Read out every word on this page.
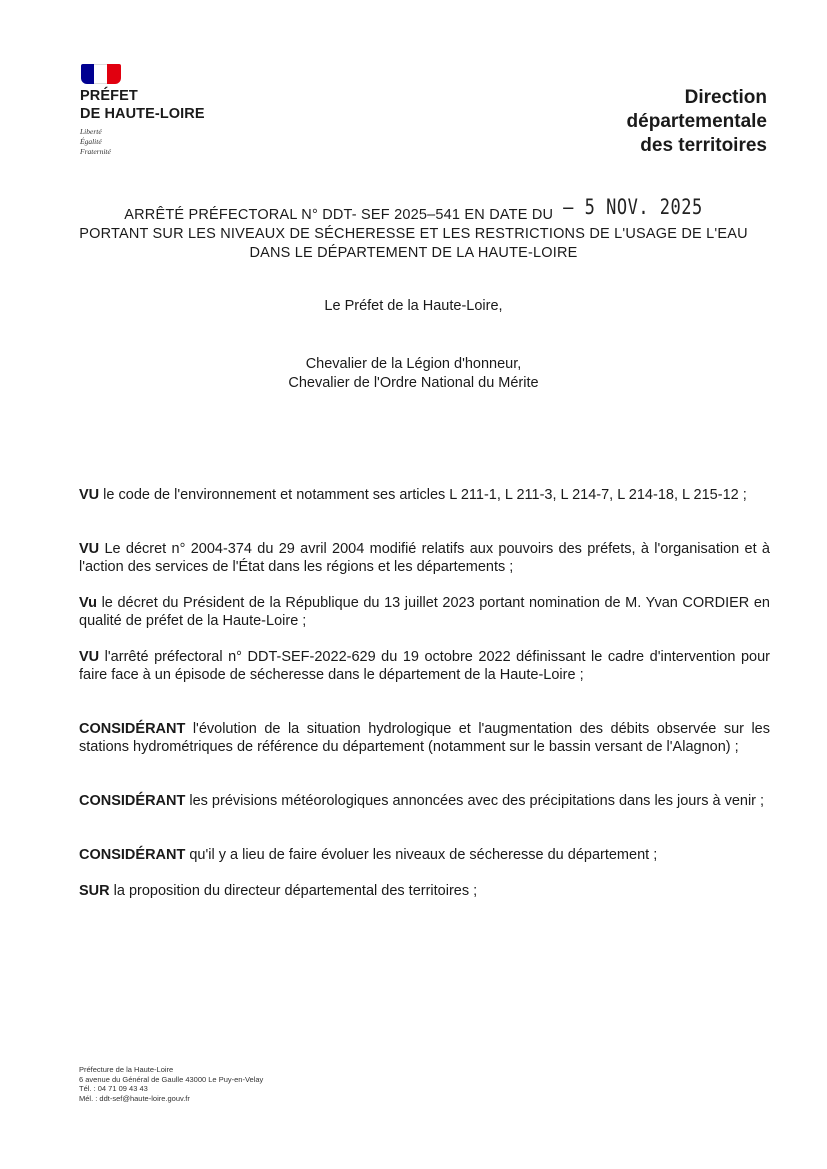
PRÉFET
DE HAUTE-LOIRE
Liberté
Égalité
Fraternité
Direction
départementale
des territoires
ARRÊTÉ PRÉFECTORAL N° DDT- SEF 2025–541 EN DATE DU – 5 NOV. 2025
PORTANT SUR LES NIVEAUX DE SÉCHERESSE ET LES RESTRICTIONS DE L'USAGE DE L'EAU
DANS LE DÉPARTEMENT DE LA HAUTE-LOIRE
Le Préfet de la Haute-Loire,
Chevalier de la Légion d'honneur,
Chevalier de l'Ordre National du Mérite
VU le code de l'environnement et notamment ses articles L 211-1, L 211-3, L 214-7, L 214-18, L 215-12 ;
VU Le décret n° 2004-374 du 29 avril 2004 modifié relatifs aux pouvoirs des préfets, à l'organisation et à l'action des services de l'État dans les régions et les départements ;
Vu le décret du Président de la République du 13 juillet 2023 portant nomination de M. Yvan CORDIER en qualité de préfet de la Haute-Loire ;
VU l'arrêté préfectoral n° DDT-SEF-2022-629 du 19 octobre 2022 définissant le cadre d'intervention pour faire face à un épisode de sécheresse dans le département de la Haute-Loire ;
CONSIDÉRANT l'évolution de la situation hydrologique et l'augmentation des débits observée sur les stations hydrométriques de référence du département (notamment sur le bassin versant de l'Alagnon) ;
CONSIDÉRANT les prévisions météorologiques annoncées avec des précipitations dans les jours à venir ;
CONSIDÉRANT qu'il y a lieu de faire évoluer les niveaux de sécheresse du département ;
SUR la proposition du directeur départemental des territoires ;
Préfecture de la Haute-Loire
6 avenue du Général de Gaulle 43000 Le Puy-en-Velay
Tél. : 04 71 09 43 43
Mél. : ddt-sef@haute-loire.gouv.fr
